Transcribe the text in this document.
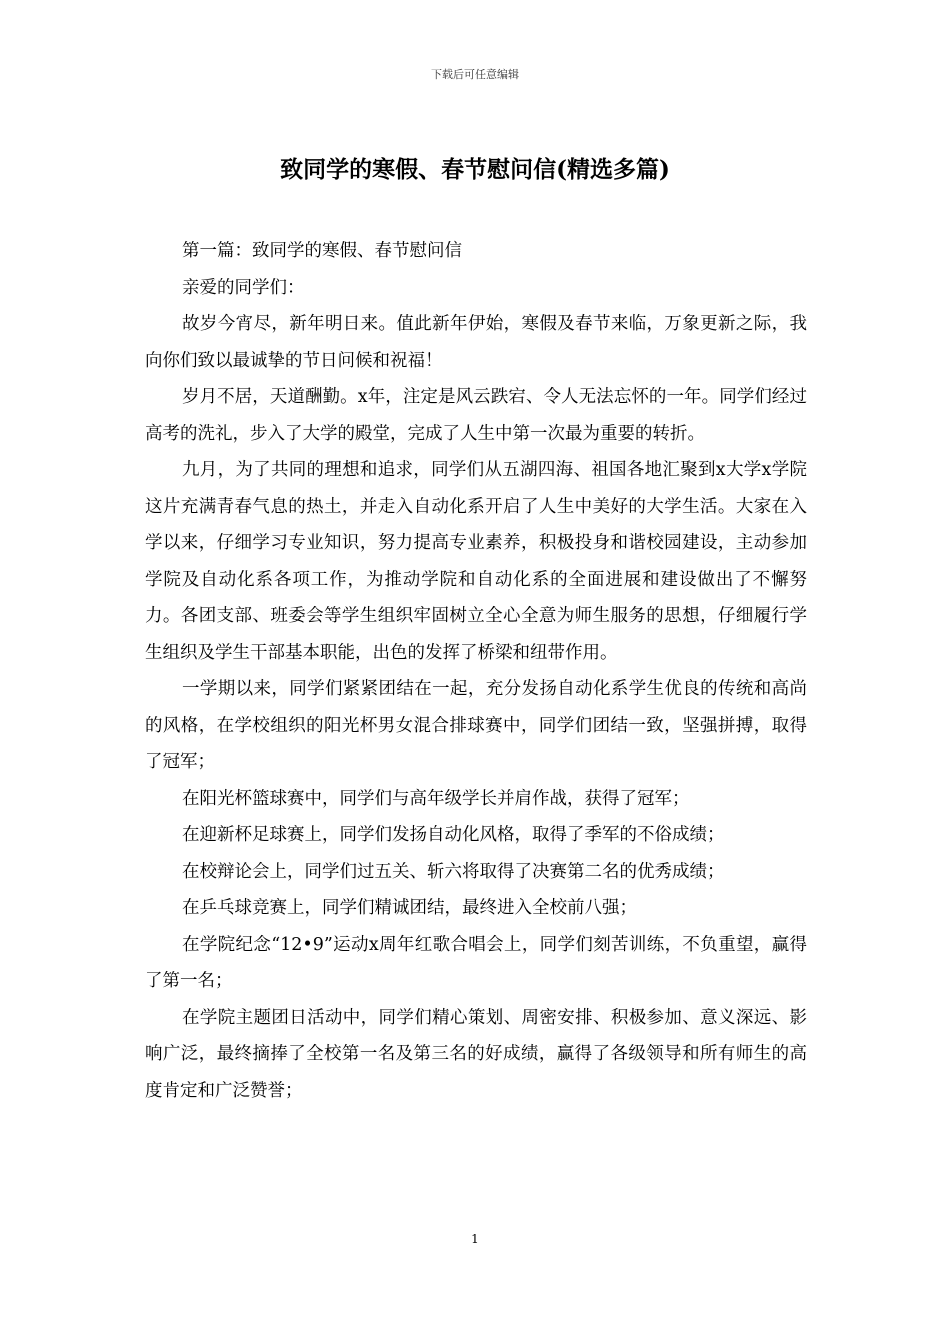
下载后可任意编辑
致同学的寒假、春节慰问信(精选多篇)

第一篇：致同学的寒假、春节慰问信

亲爱的同学们：

故岁今宵尽，新年明日来。值此新年伊始，寒假及春节来临，万象更新之际，我向你们致以最诚挚的节日问候和祝福！

岁月不居，天道酬勤。x年，注定是风云跌宕、令人无法忘怀的一年。同学们经过高考的洗礼，步入了大学的殿堂，完成了人生中第一次最为重要的转折。

九月，为了共同的理想和追求，同学们从五湖四海、祖国各地汇聚到x大学x学院这片充满青春气息的热土，并走入自动化系开启了人生中美好的大学生活。大家在入学以来，仔细学习专业知识，努力提高专业素养，积极投身和谐校园建设，主动参加学院及自动化系各项工作，为推动学院和自动化系的全面进展和建设做出了不懈努力。各团支部、班委会等学生组织牢固树立全心全意为师生服务的思想，仔细履行学生组织及学生干部基本职能，出色的发挥了桥梁和纽带作用。

一学期以来，同学们紧紧团结在一起，充分发扬自动化系学生优良的传统和高尚的风格，在学校组织的阳光杯男女混合排球赛中，同学们团结一致，坚强拼搏，取得了冠军；

在阳光杯篮球赛中，同学们与高年级学长并肩作战，获得了冠军；

在迎新杯足球赛上，同学们发扬自动化风格，取得了季军的不俗成绩；

在校辩论会上，同学们过五关、斩六将取得了决赛第二名的优秀成绩；

在乒乓球竞赛上，同学们精诚团结，最终进入全校前八强；

在学院纪念“12•9”运动x周年红歌合唱会上，同学们刻苦训练，不负重望，赢得了第一名；

在学院主题团日活动中，同学们精心策划、周密安排、积极参加、意义深远、影响广泛，最终摘捧了全校第一名及第三名的好成绩，赢得了各级领导和所有师生的高度肯定和广泛赞誉；

1
